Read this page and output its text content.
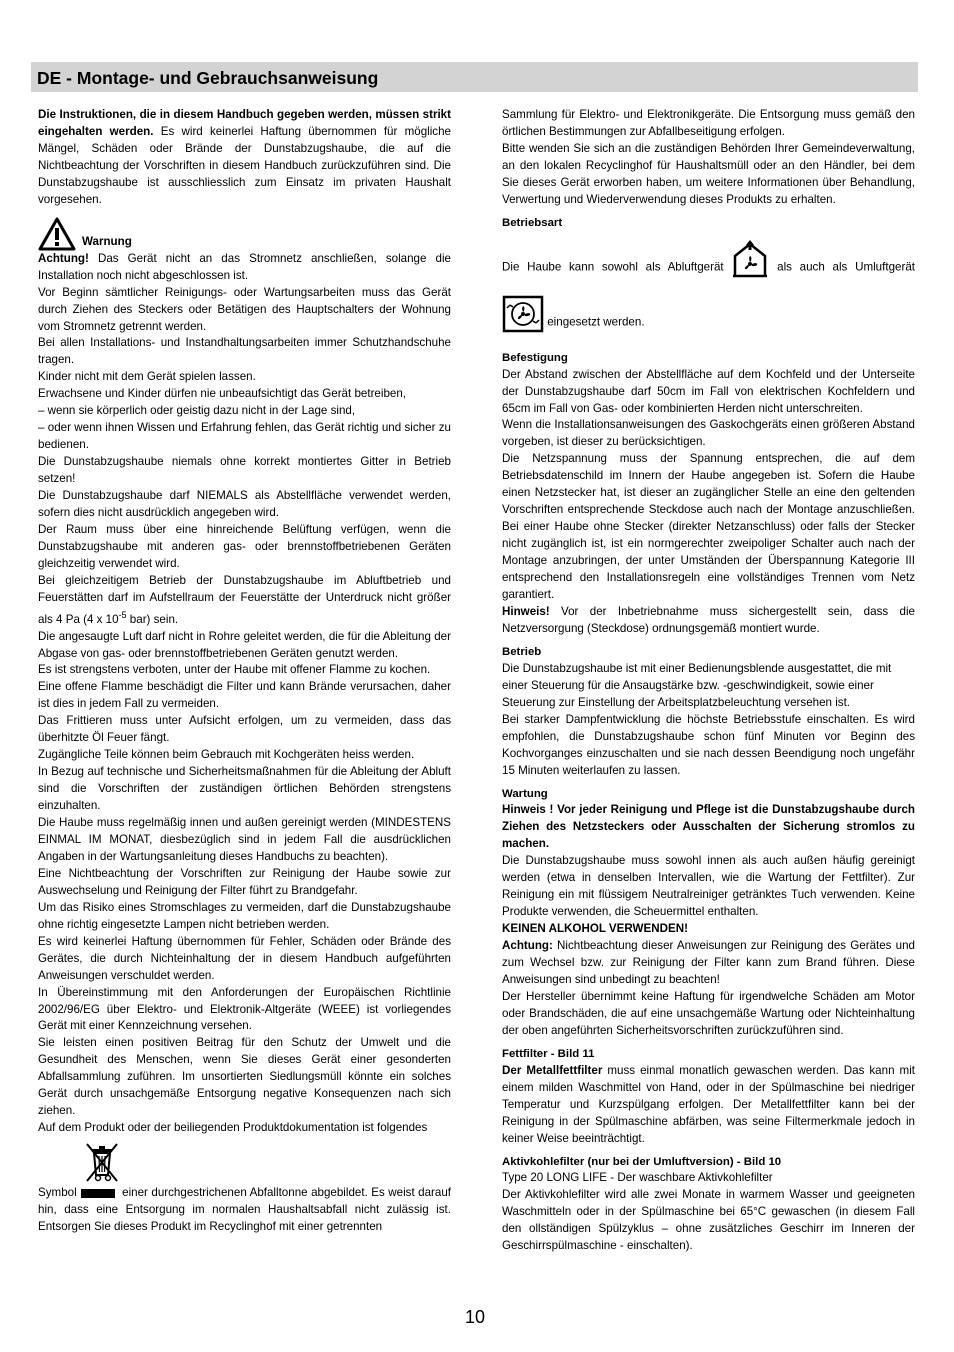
DE - Montage- und Gebrauchsanweisung

Die Instruktionen, die in diesem Handbuch gegeben werden, müssen strikt eingehalten werden. Es wird keinerlei Haftung übernommen für mögliche Mängel, Schäden oder Brände der Dunstabzugshaube, die auf die Nichtbeachtung der Vorschriften in diesem Handbuch zurückzuführen sind. Die Dunstabzugshaube ist ausschliesslich zum Einsatz im privaten Haushalt vorgesehen.

Warnung

Achtung! Das Gerät nicht an das Stromnetz anschließen, solange die Installation noch nicht abgeschlossen ist.

Vor Beginn sämtlicher Reinigungs- oder Wartungsarbeiten muss das Gerät durch Ziehen des Steckers oder Betätigen des Hauptschalters der Wohnung vom Stromnetz getrennt werden.

Bei allen Installations- und Instandhaltungsarbeiten immer Schutzhandschuhe tragen.

Kinder nicht mit dem Gerät spielen lassen.

Erwachsene und Kinder dürfen nie unbeaufsichtigt das Gerät betreiben,

– wenn sie körperlich oder geistig dazu nicht in der Lage sind,

– oder wenn ihnen Wissen und Erfahrung fehlen, das Gerät richtig und sicher zu bedienen.

Die Dunstabzugshaube niemals ohne korrekt montiertes Gitter in Betrieb setzen!

Die Dunstabzugshaube darf NIEMALS als Abstellfläche verwendet werden, sofern dies nicht ausdrücklich angegeben wird.

Der Raum muss über eine hinreichende Belüftung verfügen, wenn die Dunstabzugshaube mit anderen gas- oder brennstoffbetriebenen Geräten gleichzeitig verwendet wird.

Bei gleichzeitigem Betrieb der Dunstabzugshaube im Abluftbetrieb und Feuerstätten darf im Aufstellraum der Feuerstätte der Unterdruck nicht größer als 4 Pa (4 x $10^{-5}$ bar) sein.

Die angesaugte Luft darf nicht in Rohre geleitet werden, die für die Ableitung der Abgase von gas- oder brennstoffbetriebenen Geräten genutzt werden.

Es ist strengstens verboten, unter der Haube mit offener Flamme zu kochen.

Eine offene Flamme beschädigt die Filter und kann Brände verursachen, daher ist dies in jedem Fall zu vermeiden.

Das Frittieren muss unter Aufsicht erfolgen, um zu vermeiden, dass das überhitzte Öl Feuer fängt.

Zugängliche Teile können beim Gebrauch mit Kochgeräten heiss werden.

In Bezug auf technische und Sicherheitsmaßnahmen für die Ableitung der Abluft sind die Vorschriften der zuständigen örtlichen Behörden strengstens einzuhalten.

Die Haube muss regelmäßig innen und außen gereinigt werden (MINDESTENS EINMAL IM MONAT, diesbezüglich sind in jedem Fall die ausdrücklichen Angaben in der Wartungsanleitung dieses Handbuchs zu beachten).

Eine Nichtbeachtung der Vorschriften zur Reinigung der Haube sowie zur Auswechselung und Reinigung der Filter führt zu Brandgefahr.

Um das Risiko eines Stromschlages zu vermeiden, darf die Dunstabzugshaube ohne richtig eingesetzte Lampen nicht betrieben werden.

Es wird keinerlei Haftung übernommen für Fehler, Schäden oder Brände des Gerätes, die durch Nichteinhaltung der in diesem Handbuch aufgeführten Anweisungen verschuldet werden.

In Übereinstimmung mit den Anforderungen der Europäischen Richtlinie 2002/96/EG über Elektro- und Elektronik-Altgeräte (WEEE) ist vorliegendes Gerät mit einer Kennzeichnung versehen.

Sie leisten einen positiven Beitrag für den Schutz der Umwelt und die Gesundheit des Menschen, wenn Sie dieses Gerät einer gesonderten Abfallsammlung zuführen. Im unsortierten Siedlungsmüll könnte ein solches Gerät durch unsachgemäße Entsorgung negative Konsequenzen nach sich ziehen.

Auf dem Produkt oder der beiliegenden Produktdokumentation ist folgendes

Symbol	einer durchgestrichenen Abfalltonne abgebildet. Es weist darauf hin, dass eine Entsorgung im normalen Haushaltsabfall nicht zulässig ist. Entsorgen Sie dieses Produkt im Recyclinghof mit einer getrennten

Sammlung für Elektro- und Elektronikgeräte. Die Entsorgung muss gemäß den örtlichen Bestimmungen zur Abfallbeseitigung erfolgen.

Bitte wenden Sie sich an die zuständigen Behörden Ihrer Gemeindeverwaltung, an den lokalen Recyclinghof für Haushaltsmüll oder an den Händler, bei dem Sie dieses Gerät erworben haben, um weitere Informationen über Behandlung, Verwertung und Wiederverwendung dieses Produkts zu erhalten.

Betriebsart

Die Haube kann sowohl als Abluftgerät	als auch als Umluftgerät

eingesetzt werden.

Befestigung

Der Abstand zwischen der Abstellfläche auf dem Kochfeld und der Unterseite der Dunstabzugshaube darf 50cm im Fall von elektrischen Kochfeldern und 65cm im Fall von Gas- oder kombinierten Herden nicht unterschreiten.

Wenn die Installationsanweisungen des Gaskochgeräts einen größeren Abstand vorgeben, ist dieser zu berücksichtigen.

Die Netzspannung muss der Spannung entsprechen, die auf dem Betriebsdatenschild im Innern der Haube angegeben ist. Sofern die Haube einen Netzstecker hat, ist dieser an zugänglicher Stelle an eine den geltenden Vorschriften entsprechende Steckdose auch nach der Montage anzuschließen. Bei einer Haube ohne Stecker (direkter Netzanschluss) oder falls der Stecker nicht zugänglich ist, ist ein normgerechter zweipoliger Schalter auch nach der Montage anzubringen, der unter Umständen der Überspannung Kategorie III entsprechend den Installationsregeln eine vollständiges Trennen vom Netz garantiert.

Hinweis! Vor der Inbetriebnahme muss sichergestellt sein, dass die Netzversorgung (Steckdose) ordnungsgemäß montiert wurde.

Betrieb

Die Dunstabzugshaube ist mit einer Bedienungsblende ausgestattet, die mit

einer Steuerung für die Ansaugstärke bzw. -geschwindigkeit, sowie einer

Steuerung zur Einstellung der Arbeitsplatzbeleuchtung versehen ist.

Bei starker Dampfentwicklung die höchste Betriebsstufe einschalten. Es wird empfohlen, die Dunstabzugshaube schon fünf Minuten vor Beginn des Kochvorganges einzuschalten und sie nach dessen Beendigung noch ungefähr 15 Minuten weiterlaufen zu lassen.

Wartung

Hinweis ! Vor jeder Reinigung und Pflege ist die Dunstabzugshaube durch Ziehen des Netzsteckers oder Ausschalten der Sicherung stromlos zu machen.

Die Dunstabzugshaube muss sowohl innen als auch außen häufig gereinigt werden (etwa in denselben Intervallen, wie die Wartung der Fettfilter). Zur Reinigung ein mit flüssigem Neutralreiniger getränktes Tuch verwenden. Keine Produkte verwenden, die Scheuermittel enthalten.

KEINEN ALKOHOL VERWENDEN!

Achtung: Nichtbeachtung dieser Anweisungen zur Reinigung des Gerätes und zum Wechsel bzw. zur Reinigung der Filter kann zum Brand führen. Diese Anweisungen sind unbedingt zu beachten!

Der Hersteller übernimmt keine Haftung für irgendwelche Schäden am Motor oder Brandschäden, die auf eine unsachgemäße Wartung oder Nichteinhaltung der oben angeführten Sicherheitsvorschriften zurückzuführen sind.

Fettfilter - Bild 11

Der Metallfettfilter muss einmal monatlich gewaschen werden. Das kann mit einem milden Waschmittel von Hand, oder in der Spülmaschine bei niedriger Temperatur und Kurzspülgang erfolgen. Der Metallfettfilter kann bei der Reinigung in der Spülmaschine abfärben, was seine Filtermerkmale jedoch in keiner Weise beeinträchtigt.

Aktivkohlefilter (nur bei der Umluftversion) - Bild 10

Type 20 LONG LIFE - Der waschbare Aktivkohlefilter

Der Aktivkohlefilter wird alle zwei Monate in warmem Wasser und geeigneten Waschmitteln oder in der Spülmaschine bei 65°C gewaschen (in diesem Fall den ollständigen Spülzyklus – ohne zusätzliches Geschirr im Inneren der Geschirrspülmaschine - einschalten).

10
